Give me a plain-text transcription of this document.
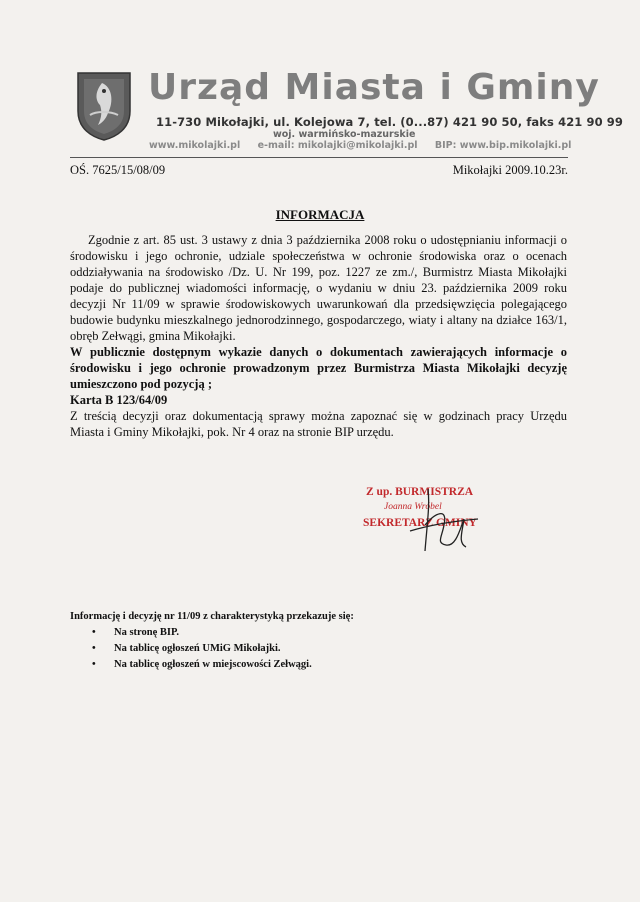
Urząd Miasta i Gminy
11-730 Mikołajki, ul. Kolejowa 7, tel. (0...87) 421 90 50, faks 421 90 99
woj. warmińsko-mazurskie
www.mikolajki.pl e-mail: mikolajki@mikolajki.pl BIP: www.bip.mikolajki.pl
OŚ. 7625/15/08/09	Mikołajki 2009.10.23r.
INFORMACJA

Zgodnie z art. 85 ust. 3 ustawy z dnia 3 października 2008 roku o udostępnianiu informacji o środowisku i jego ochronie, udziale społeczeństwa w ochronie środowiska oraz o ocenach oddziaływania na środowisko /Dz. U. Nr 199, poz. 1227 ze zm./, Burmistrz Miasta Mikołajki podaje do publicznej wiadomości informację, o wydaniu w dniu 23. października 2009 roku decyzji Nr 11/09 w sprawie środowiskowych uwarunkowań dla przedsięwzięcia polegającego budowie budynku mieszkalnego jednorodzinnego, gospodarczego, wiaty i altany na działce 163/1, obręb Zełwągi, gmina Mikołajki.

W publicznie dostępnym wykazie danych o dokumentach zawierających informacje o środowisku i jego ochronie prowadzonym przez Burmistrza Miasta Mikołajki decyzję umieszczono pod pozycją ;

Karta B 123/64/09

Z treścią decyzji oraz dokumentacją sprawy można zapoznać się w godzinach pracy Urzędu Miasta i Gminy Mikołajki, pok. Nr 4 oraz na stronie BIP urzędu.

Z up. BURMISTRZA
Joanna Wróbel
SEKRETARZ GMINY

Informację i decyzję nr 11/09 z charakterystyką przekazuje się:

• Na stronę BIP.
• Na tablicę ogłoszeń UMiG Mikołajki.
• Na tablicę ogłoszeń w miejscowości Zełwągi.
